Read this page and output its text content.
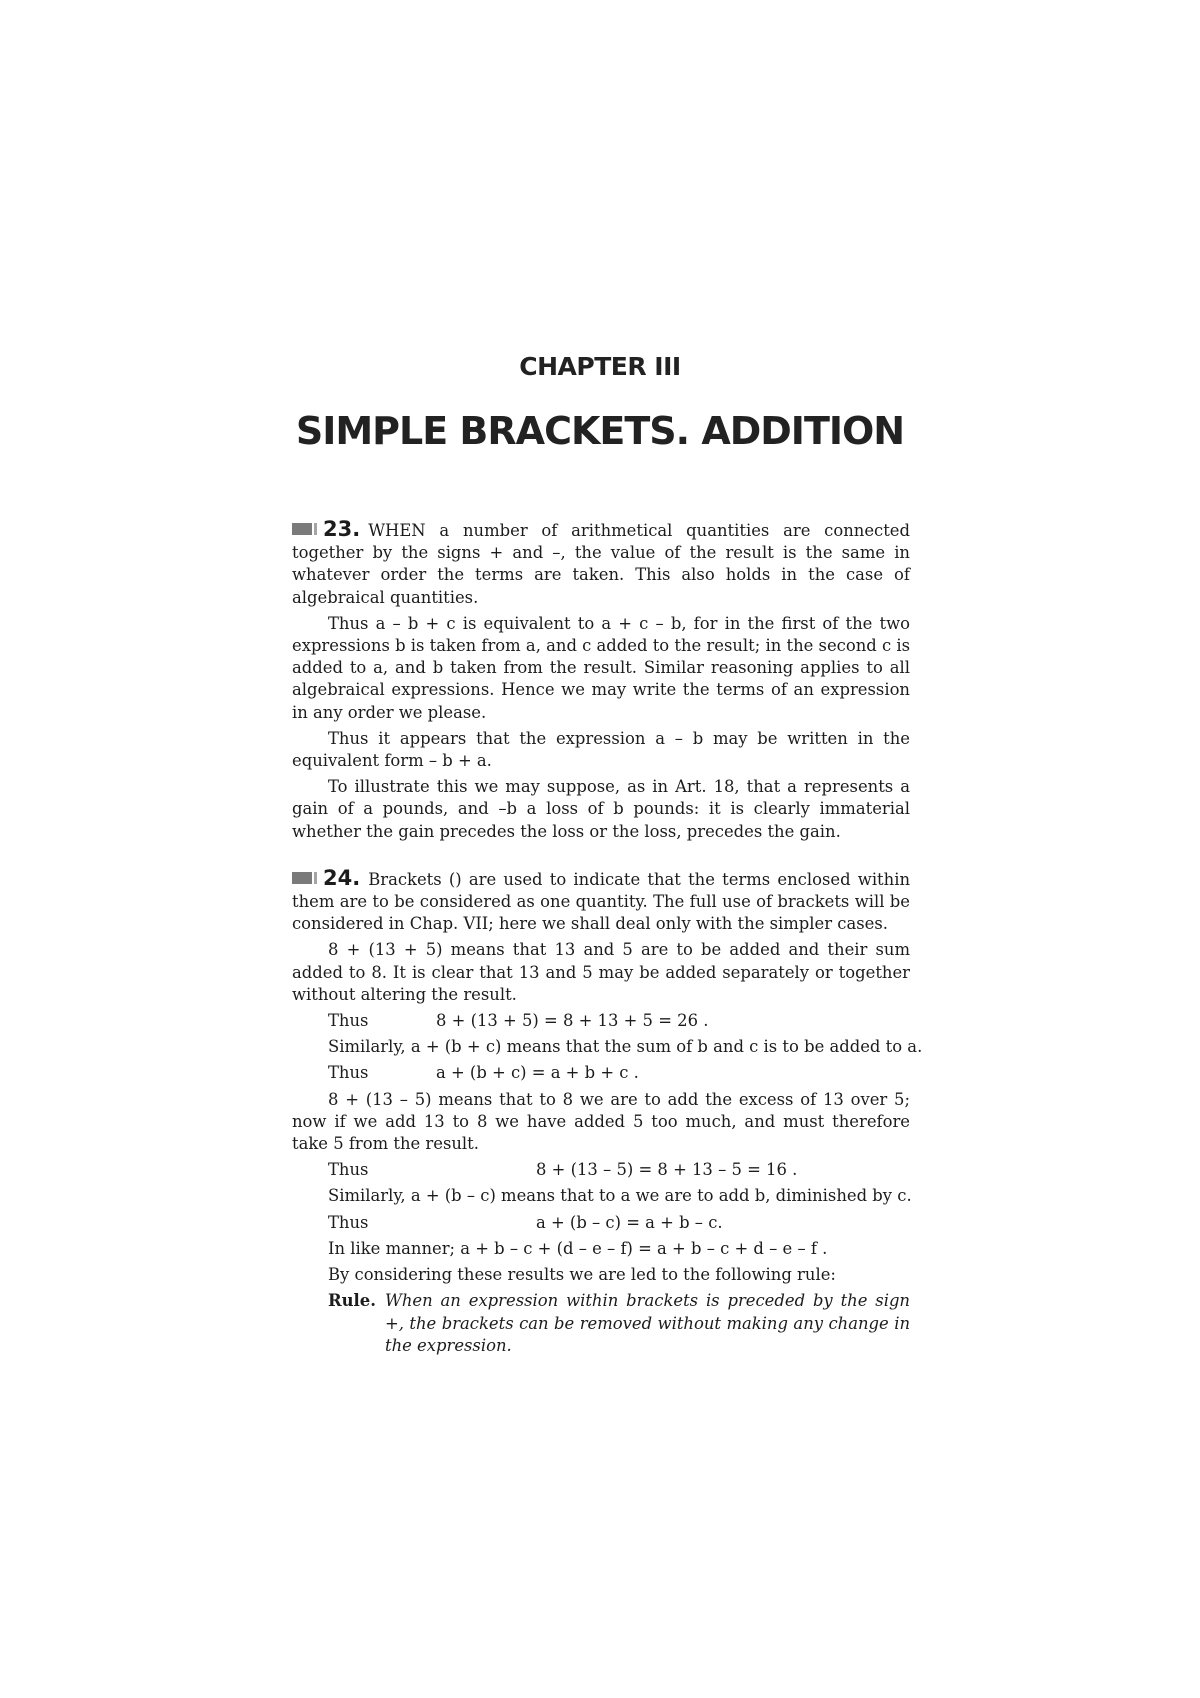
CHAPTER III
SIMPLE BRACKETS. ADDITION

23. WHEN a number of arithmetical quantities are connected together by the signs + and –, the value of the result is the same in whatever order the terms are taken. This also holds in the case of algebraical quantities.

Thus a – b + c is equivalent to a + c – b, for in the first of the two expressions b is taken from a, and c added to the result; in the second c is added to a, and b taken from the result. Similar reasoning applies to all algebraical expressions. Hence we may write the terms of an expression in any order we please.

Thus it appears that the expression a – b may be written in the equivalent form – b + a.

To illustrate this we may suppose, as in Art. 18, that a represents a gain of a pounds, and –b a loss of b pounds: it is clearly immaterial whether the gain precedes the loss or the loss, precedes the gain.

24. Brackets () are used to indicate that the terms enclosed within them are to be considered as one quantity. The full use of brackets will be considered in Chap. VII; here we shall deal only with the simpler cases.

8 + (13 + 5) means that 13 and 5 are to be added and their sum added to 8. It is clear that 13 and 5 may be added separately or together without altering the result.

Thus	8 + (13 + 5) = 8 + 13 + 5 = 26 .
Similarly, a + (b + c) means that the sum of b and c is to be added to a.
Thus	a + (b + c) = a + b + c .

8 + (13 – 5) means that to 8 we are to add the excess of 13 over 5; now if we add 13 to 8 we have added 5 too much, and must therefore take 5 from the result.

Thus	8 + (13 – 5) = 8 + 13 – 5 = 16 .
Similarly, a + (b – c) means that to a we are to add b, diminished by c.
Thus	a + (b – c) = a + b – c.
In like manner; a + b – c + (d – e – f) = a + b – c + d – e – f .
By considering these results we are led to the following rule:
Rule. When an expression within brackets is preceded by the sign +, the brackets can be removed without making any change in the expression.
